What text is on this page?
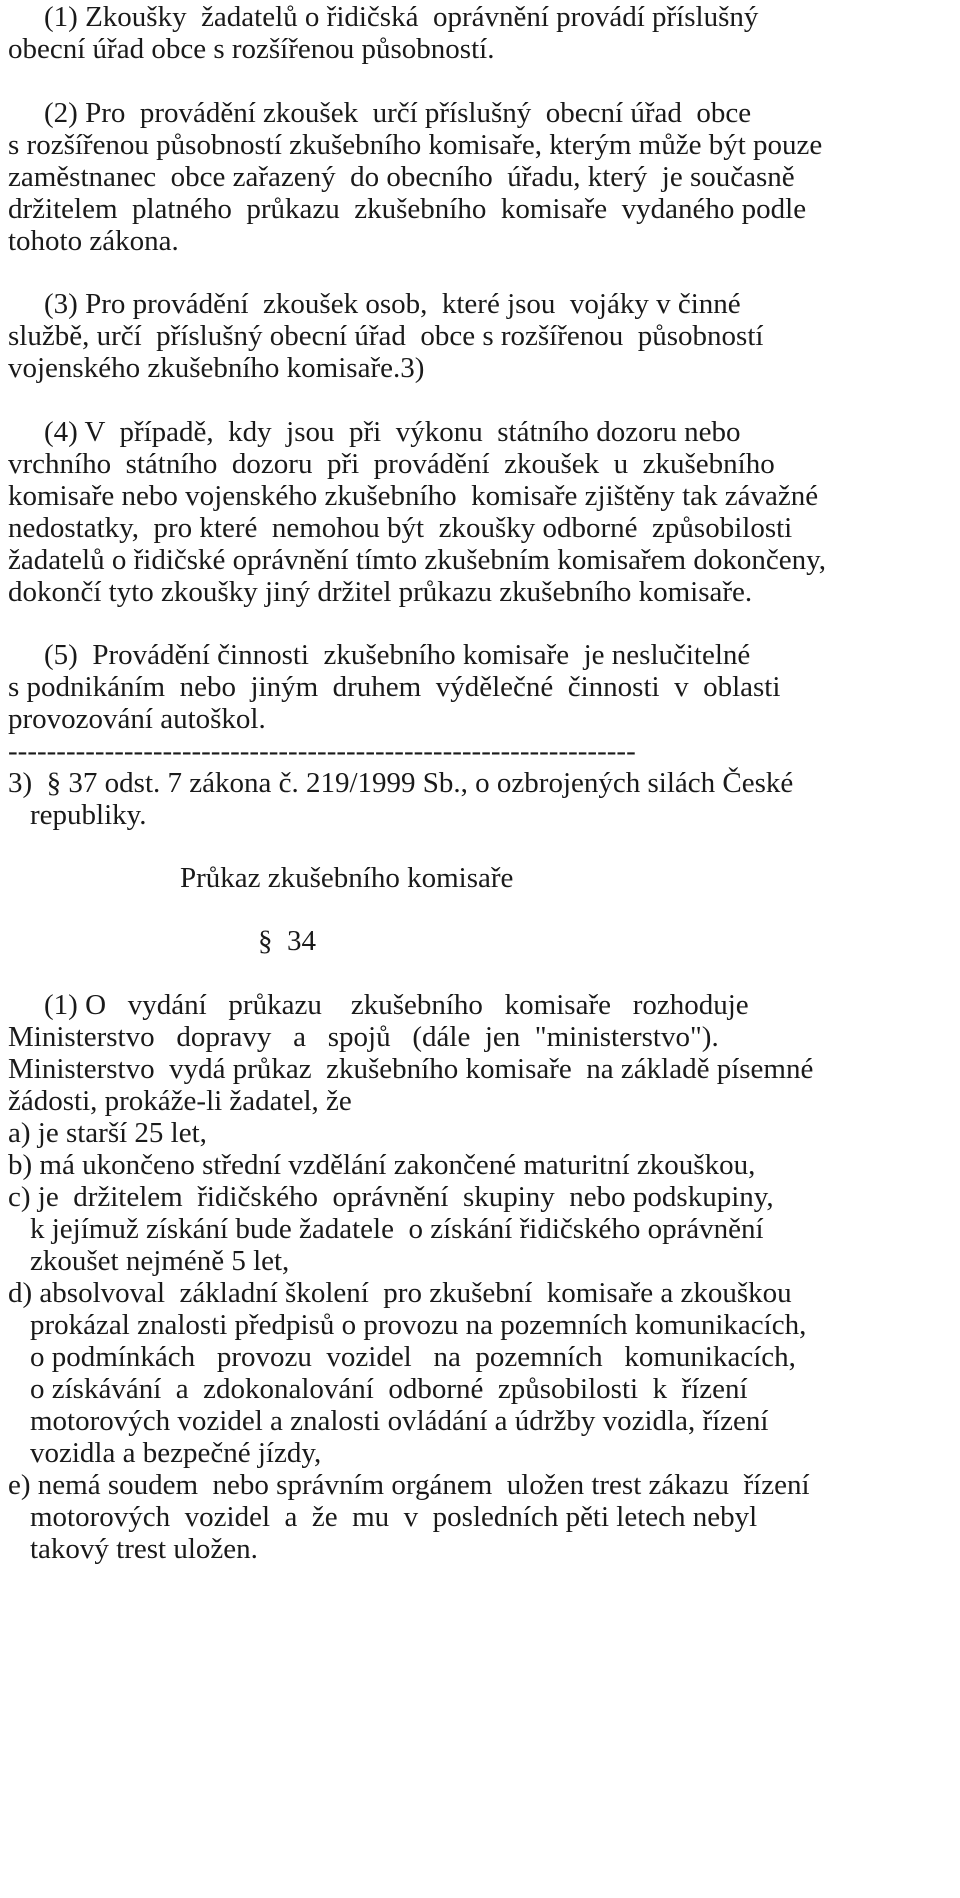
(1) Zkoušky  žadatelů o řidičská  oprávnění provádí příslušný
obecní úřad obce s rozšířenou působností.
(2) Pro  provádění zkoušek  určí příslušný  obecní úřad  obce
s rozšířenou působností zkušebního komisaře, kterým může být pouze
zaměstnanec  obce zařazený  do obecního  úřadu, který  je současně
držitelem  platného  průkazu  zkušebního  komisaře  vydaného podle
tohoto zákona.
(3) Pro provádění  zkoušek osob,  které jsou  vojáky v činné
službě, určí  příslušný obecní úřad  obce s rozšířenou  působností
vojenského zkušebního komisaře.3)
(4) V  případě,  kdy  jsou  při  výkonu  státního dozoru nebo
vrchního  státního  dozoru  při  provádění  zkoušek  u  zkušebního
komisaře nebo vojenského zkušebního  komisaře zjištěny tak závažné
nedostatky,  pro které  nemohou být  zkoušky odborné  způsobilosti
žadatelů o řidičské oprávnění tímto zkušebním komisařem dokončeny,
dokončí tyto zkoušky jiný držitel průkazu zkušebního komisaře.
(5)  Provádění činnosti  zkušebního komisaře  je neslučitelné
s podnikáním  nebo  jiným  druhem  výdělečné  činnosti  v  oblasti
provozování autoškol.
-----------------------------------------------------------------
3)  § 37 odst. 7 zákona č. 219/1999 Sb., o ozbrojených silách České
republiky.
Průkaz zkušebního komisaře
§  34
(1) O   vydání   průkazu    zkušebního   komisaře   rozhoduje
Ministerstvo   dopravy   a   spojů   (dále  jen  "ministerstvo").
Ministerstvo  vydá průkaz  zkušebního komisaře  na základě písemné
žádosti, prokáže-li žadatel, že
a) je starší 25 let,
b) má ukončeno střední vzdělání zakončené maturitní zkouškou,
c) je  držitelem  řidičského  oprávnění  skupiny  nebo podskupiny,
k jejímuž získání bude žadatele  o získání řidičského oprávnění
zkoušet nejméně 5 let,
d) absolvoval  základní školení  pro zkušební  komisaře a zkouškou
prokázal znalosti předpisů o provozu na pozemních komunikacích,
o podmínkách   provozu  vozidel   na  pozemních   komunikacích,
o získávání  a  zdokonalování  odborné  způsobilosti  k  řízení
motorových vozidel a znalosti ovládání a údržby vozidla, řízení
vozidla a bezpečné jízdy,
e) nemá soudem  nebo správním orgánem  uložen trest zákazu  řízení
motorových  vozidel  a  že  mu  v  posledních pěti letech nebyl
takový trest uložen.
